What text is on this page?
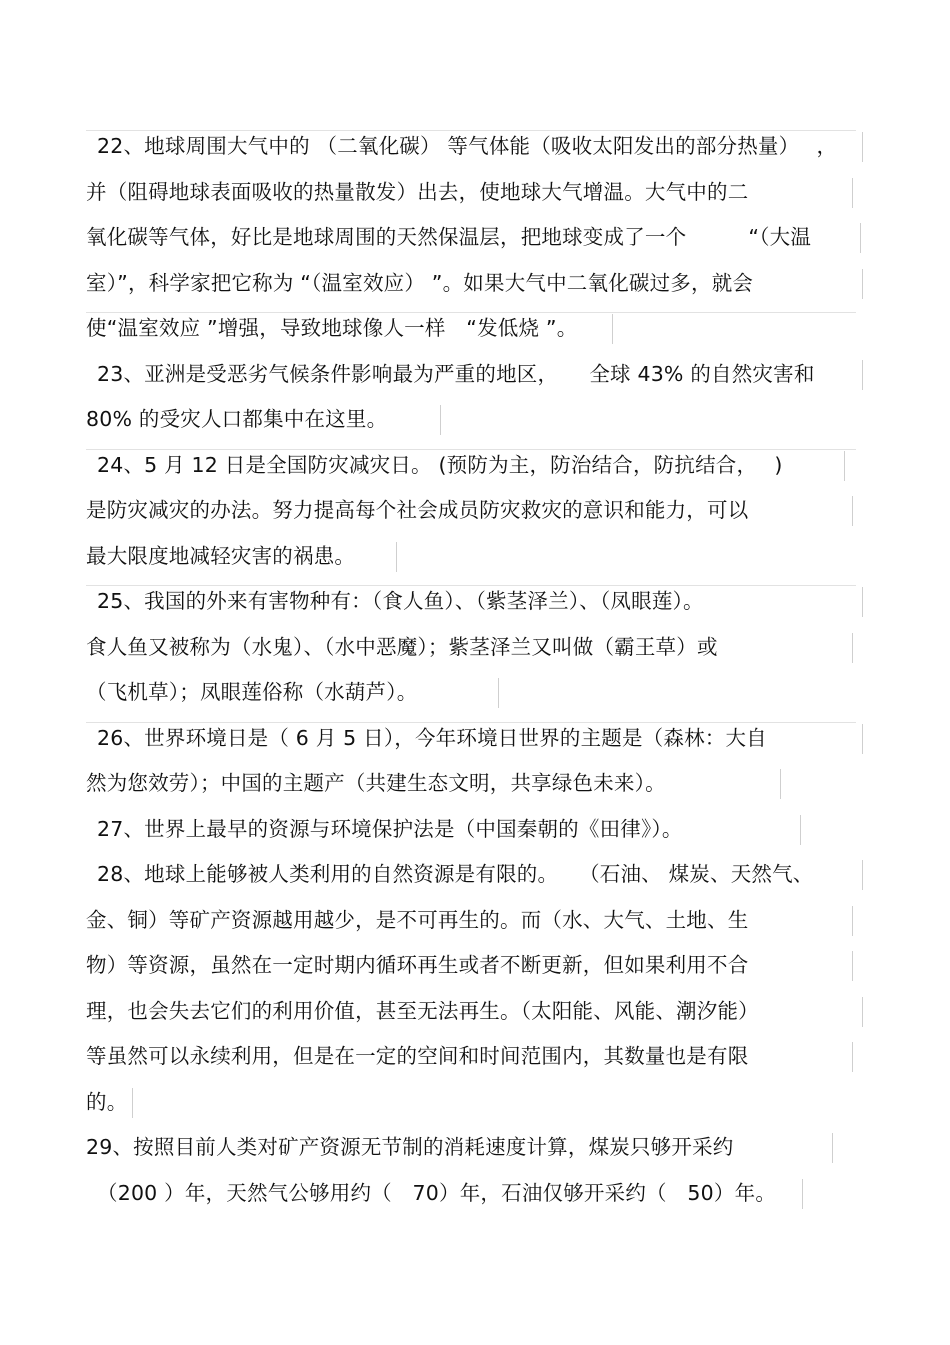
22、地球周围大气中的 （二氧化碳） 等气体能（吸收太阳发出的部分热量）　 ，
并（阻碍地球表面吸收的热量散发）出去，使地球大气增温。大气中的二
氧化碳等气体，好比是地球周围的天然保温层，把地球变成了一个　　　“（大温
室）”，科学家把它称为 “（温室效应） ”。如果大气中二氧化碳过多，就会
使“温室效应 ”增强，导致地球像人一样　“发低烧 ”。
23、亚洲是受恶劣气候条件影响最为严重的地区，　　全球 43% 的自然灾害和
80% 的受灾人口都集中在这里。
24、5 月 12 日是全国防灾减灾日。 (预防为主，防治结合，防抗结合，　 )
是防灾减灾的办法。努力提高每个社会成员防灾救灾的意识和能力，可以
最大限度地减轻灾害的祸患。
25、我国的外来有害物种有：（食人鱼）、（紫茎泽兰）、（凤眼莲）。
食人鱼又被称为（水鬼）、（水中恶魔）；紫茎泽兰又叫做（霸王草）或
（飞机草）；凤眼莲俗称（水葫芦）。
26、世界环境日是（ 6 月 5 日），今年环境日世界的主题是（森林：大自
然为您效劳）；中国的主题产（共建生态文明，共享绿色未来）。
27、世界上最早的资源与环境保护法是（中国秦朝的《田律》）。
28、地球上能够被人类利用的自然资源是有限的。　　（石油、 煤炭、天然气、
金、铜）等矿产资源越用越少，是不可再生的。而（水、大气、土地、生
物）等资源，虽然在一定时期内循环再生或者不断更新，但如果利用不合
理，也会失去它们的利用价值，甚至无法再生。（太阳能、风能、潮汐能）
等虽然可以永续利用，但是在一定的空间和时间范围内，其数量也是有限
的。
29、按照目前人类对矿产资源无节制的消耗速度计算，煤炭只够开采约
（200 ）年，天然气公够用约（　70）年，石油仅够开采约（　50）年。
